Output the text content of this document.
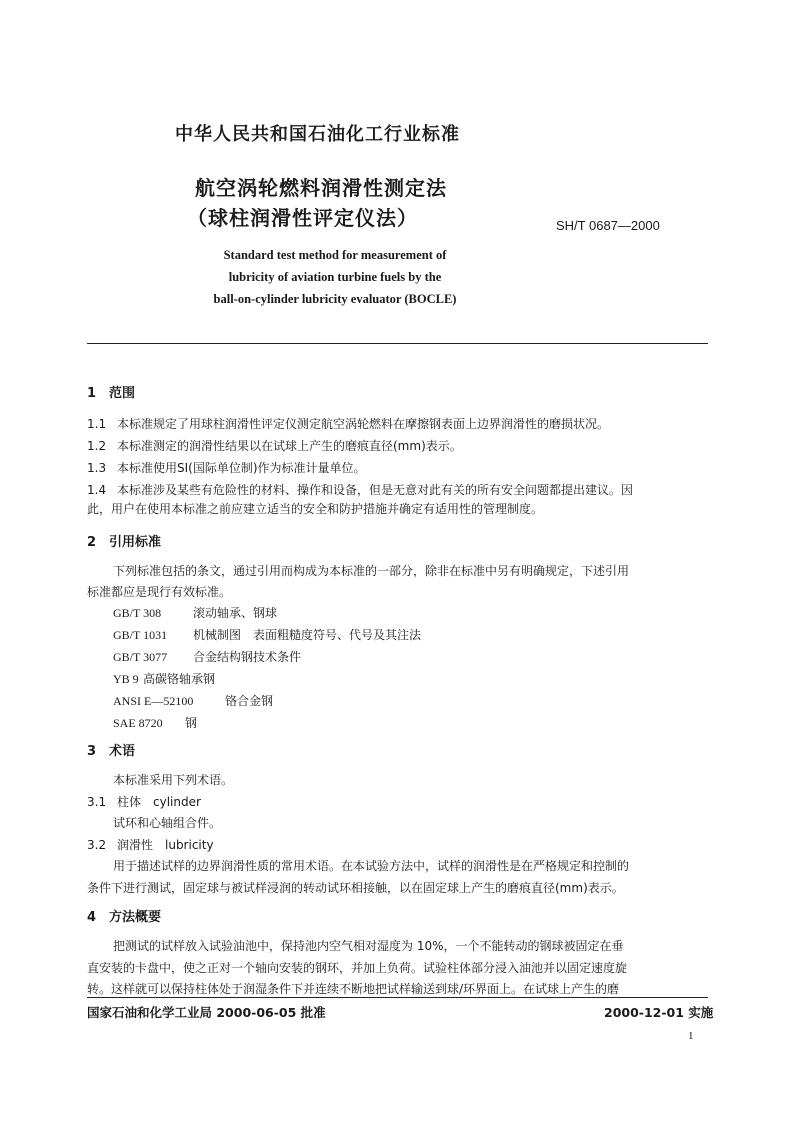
中华人民共和国石油化工行业标准
航空涡轮燃料润滑性测定法
（球柱润滑性评定仪法）	SH/T 0687—2000
Standard test method for measurement of
lubricity of aviation turbine fuels by the
ball-on-cylinder lubricity evaluator (BOCLE)
1 范围
1.1 本标准规定了用球柱润滑性评定仪测定航空涡轮燃料在摩擦钢表面上边界润滑性的磨损状况。
1.2 本标准测定的润滑性结果以在试球上产生的磨痕直径(mm)表示。
1.3 本标准使用SI(国际单位制)作为标准计量单位。
1.4 本标准涉及某些有危险性的材料、操作和设备，但是无意对此有关的所有安全问题都提出建议。因
此，用户在使用本标准之前应建立适当的安全和防护措施并确定有适用性的管理制度。
2 引用标准
下列标准包括的条文，通过引用而构成为本标准的一部分，除非在标准中另有明确规定，下述引用
标准都应是现行有效标准。
GB/T 308	滚动轴承、钢球
GB/T 1031 机械制图　表面粗糙度符号、代号及其注法
GB/T 3077 合金结构钢技术条件
YB 9 高碳铬轴承钢
ANSI E—52100	铬合金钢
SAE 8720 钢
3 术语
本标准采用下列术语。
3.1 柱体　cylinder
试环和心轴组合件。
3.2 润滑性　lubricity
用于描述试样的边界润滑性质的常用术语。在本试验方法中，试样的润滑性是在严格规定和控制的
条件下进行测试，固定球与被试样浸润的转动试环相接触，以在固定球上产生的磨痕直径(mm)表示。
4 方法概要
把测试的试样放入试验油池中，保持池内空气相对湿度为 10%，一个不能转动的钢球被固定在垂
直安装的卡盘中，使之正对一个轴向安装的钢环，并加上负荷。试验柱体部分浸入油池并以固定速度旋
转。这样就可以保持柱体处于润湿条件下并连续不断地把试样输送到球/环界面上。在试球上产生的磨
国家石油和化学工业局 2000-06-05 批准	2000-12-01 实施
1
